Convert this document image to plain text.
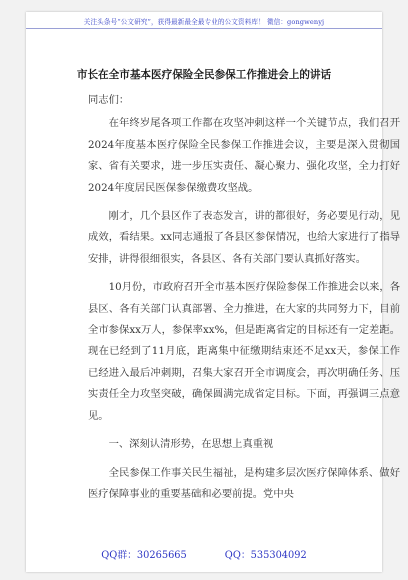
关注头条号“公文研究”，获得最新最全最专业的公文资料库！ 微信：gongwenyj
市长在全市基本医疗保险全民参保工作推进会上的讲话

同志们：

在年终岁尾各项工作都在攻坚冲刺这样一个关键节点，我们召开2024年度基本医疗保险全民参保工作推进会议，主要是深入贯彻国家、省有关要求，进一步压实责任、凝心聚力、强化攻坚，全力打好2024年度居民医保参保缴费攻坚战。

刚才，几个县区作了表态发言，讲的都很好，务必要见行动，见成效，看结果。xx同志通报了各县区参保情况，也给大家进行了指导安排，讲得很细很实，各县区、各有关部门要认真抓好落实。

10月份，市政府召开全市基本医疗保险参保工作推进会以来，各县区、各有关部门认真部署、全力推进，在大家的共同努力下，目前全市参保xx万人，参保率xx%，但是距离省定的目标还有一定差距。现在已经到了11月底，距离集中征缴期结束还不足xx天，参保工作已经进入最后冲刺期，召集大家召开全市调度会，再次明确任务、压实责任全力攻坚突破，确保圆满完成省定目标。下面，再强调三点意见。

一、深刻认清形势，在思想上真重视

全民参保工作事关民生福祉，是构建多层次医疗保障体系、做好医疗保障事业的重要基础和必要前提。党中央

QQ群：30265665	QQ：535304092
